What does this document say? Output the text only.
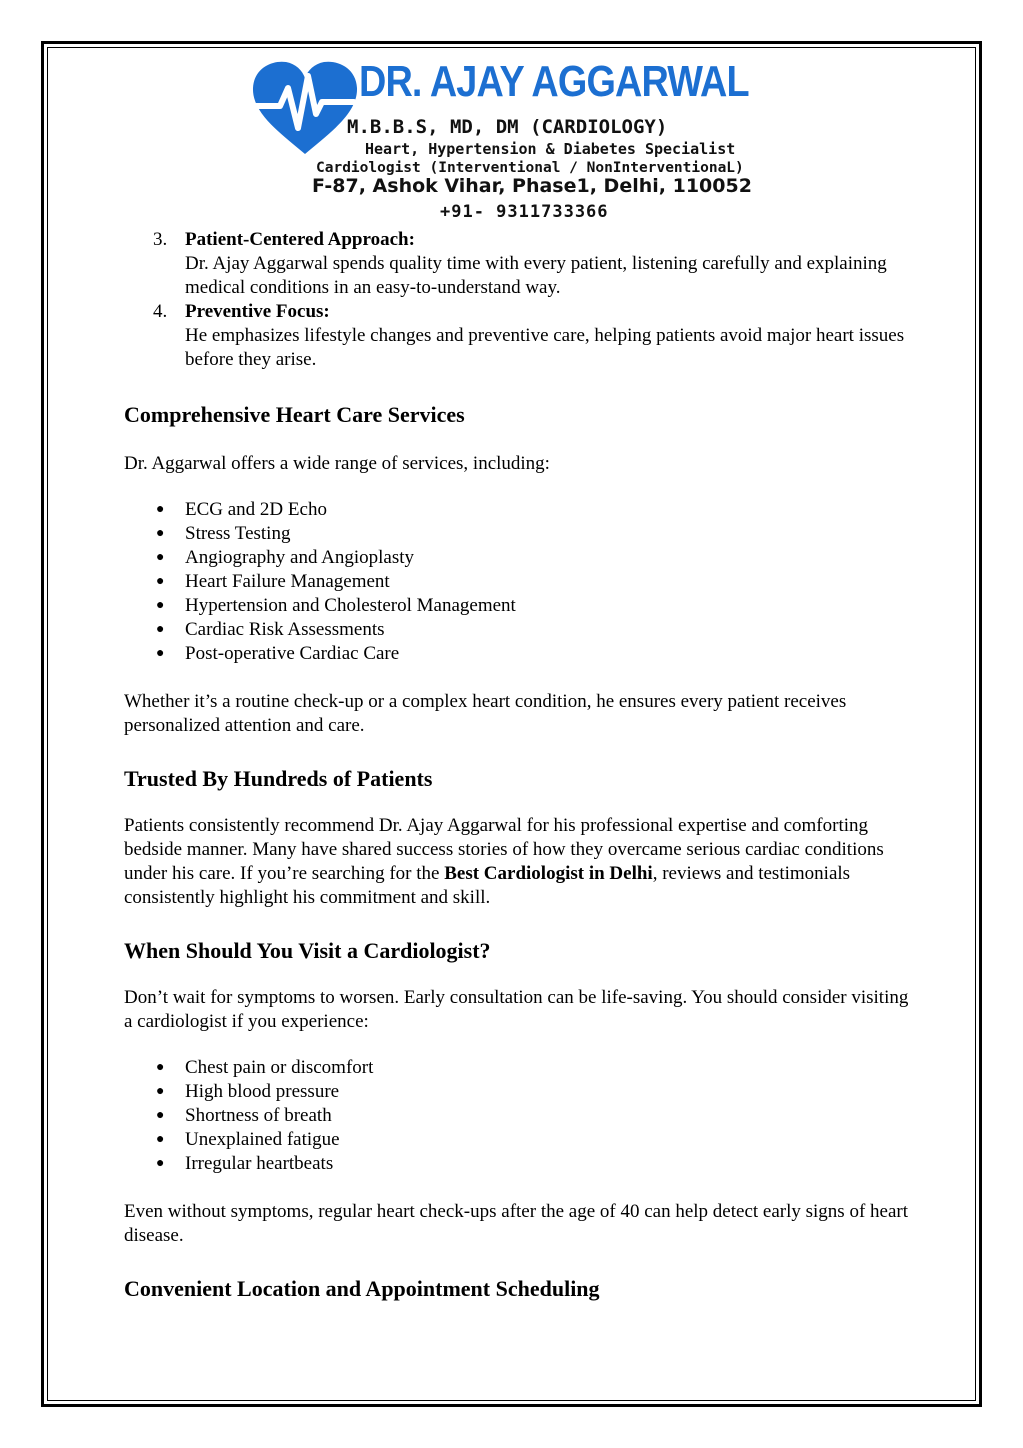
DR. AJAY AGGARWAL
M.B.B.S, MD, DM (CARDIOLOGY)
Heart, Hypertension & Diabetes Specialist
Cardiologist (Interventional / NonInterventionaL)
F-87, Ashok Vihar, Phase1, Delhi, 110052
+91- 9311733366
3. Patient-Centered Approach:
Dr. Ajay Aggarwal spends quality time with every patient, listening carefully and explaining medical conditions in an easy-to-understand way.
4. Preventive Focus:
He emphasizes lifestyle changes and preventive care, helping patients avoid major heart issues before they arise.
Comprehensive Heart Care Services

Dr. Aggarwal offers a wide range of services, including:

● ECG and 2D Echo
● Stress Testing
● Angiography and Angioplasty
● Heart Failure Management
● Hypertension and Cholesterol Management
● Cardiac Risk Assessments
● Post-operative Cardiac Care

Whether it’s a routine check-up or a complex heart condition, he ensures every patient receives personalized attention and care.

Trusted By Hundreds of Patients

Patients consistently recommend Dr. Ajay Aggarwal for his professional expertise and comforting bedside manner. Many have shared success stories of how they overcame serious cardiac conditions under his care. If you’re searching for the Best Cardiologist in Delhi, reviews and testimonials consistently highlight his commitment and skill.

When Should You Visit a Cardiologist?

Don’t wait for symptoms to worsen. Early consultation can be life-saving. You should consider visiting a cardiologist if you experience:

● Chest pain or discomfort
● High blood pressure
● Shortness of breath
● Unexplained fatigue
● Irregular heartbeats

Even without symptoms, regular heart check-ups after the age of 40 can help detect early signs of heart disease.

Convenient Location and Appointment Scheduling
